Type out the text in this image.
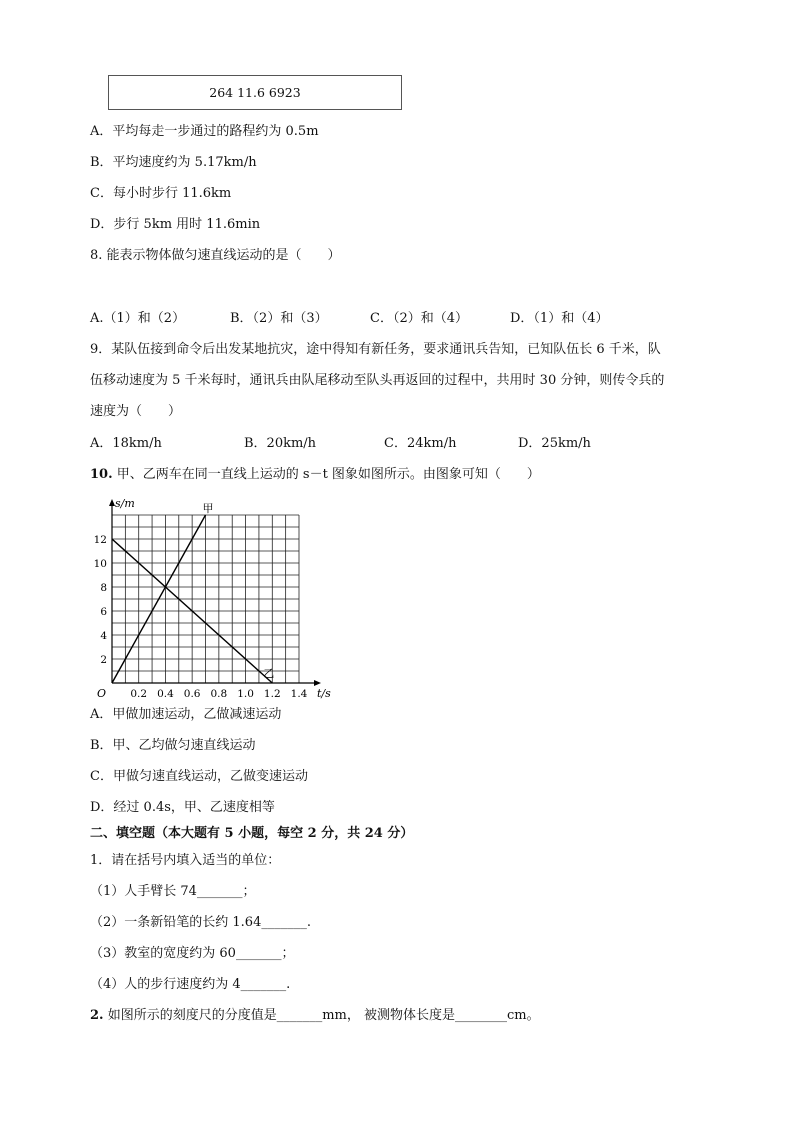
264 11.6 6923
A．平均每走一步通过的路程约为 0.5m
B．平均速度约为 5.17km/h
C．每小时步行 11.6km
D．步行 5km 用时 11.6min
8. 能表示物体做匀速直线运动的是（　　）
A.（1）和（2）	B．（2）和（3）	C．（2）和（4）	D．（1）和（4）
9．某队伍接到命令后出发某地抗灾，途中得知有新任务，要求通讯兵告知，已知队伍长 6 千米，队
伍移动速度为 5 千米每时，通讯兵由队尾移动至队头再返回的过程中，共用时 30 分钟，则传令兵的
速度为（　　）
A．18km/h	B．20km/h	C．24km/h	D．25km/h
10. 甲、乙两车在同一直线上运动的 s－t 图象如图所示。由图象可知（　　）
0.2 0.4 0.6 0.8 1.0 1.2 1.4
2
4
6
8
10
12
O	t/s
s/m	甲
乙
A．甲做加速运动，乙做减速运动
B．甲、乙均做匀速直线运动
C．甲做匀速直线运动，乙做变速运动
D．经过 0.4s，甲、乙速度相等
二、填空题（本大题有 5 小题，每空 2 分，共 24 分）
1．请在括号内填入适当的单位：
（1）人手臂长 74_______；
（2）一条新铅笔的长约 1.64_______.
（3）教室的宽度约为 60_______；
（4）人的步行速度约为 4_______.
2. 如图所示的刻度尺的分度值是_______mm， 被测物体长度是________cm。
